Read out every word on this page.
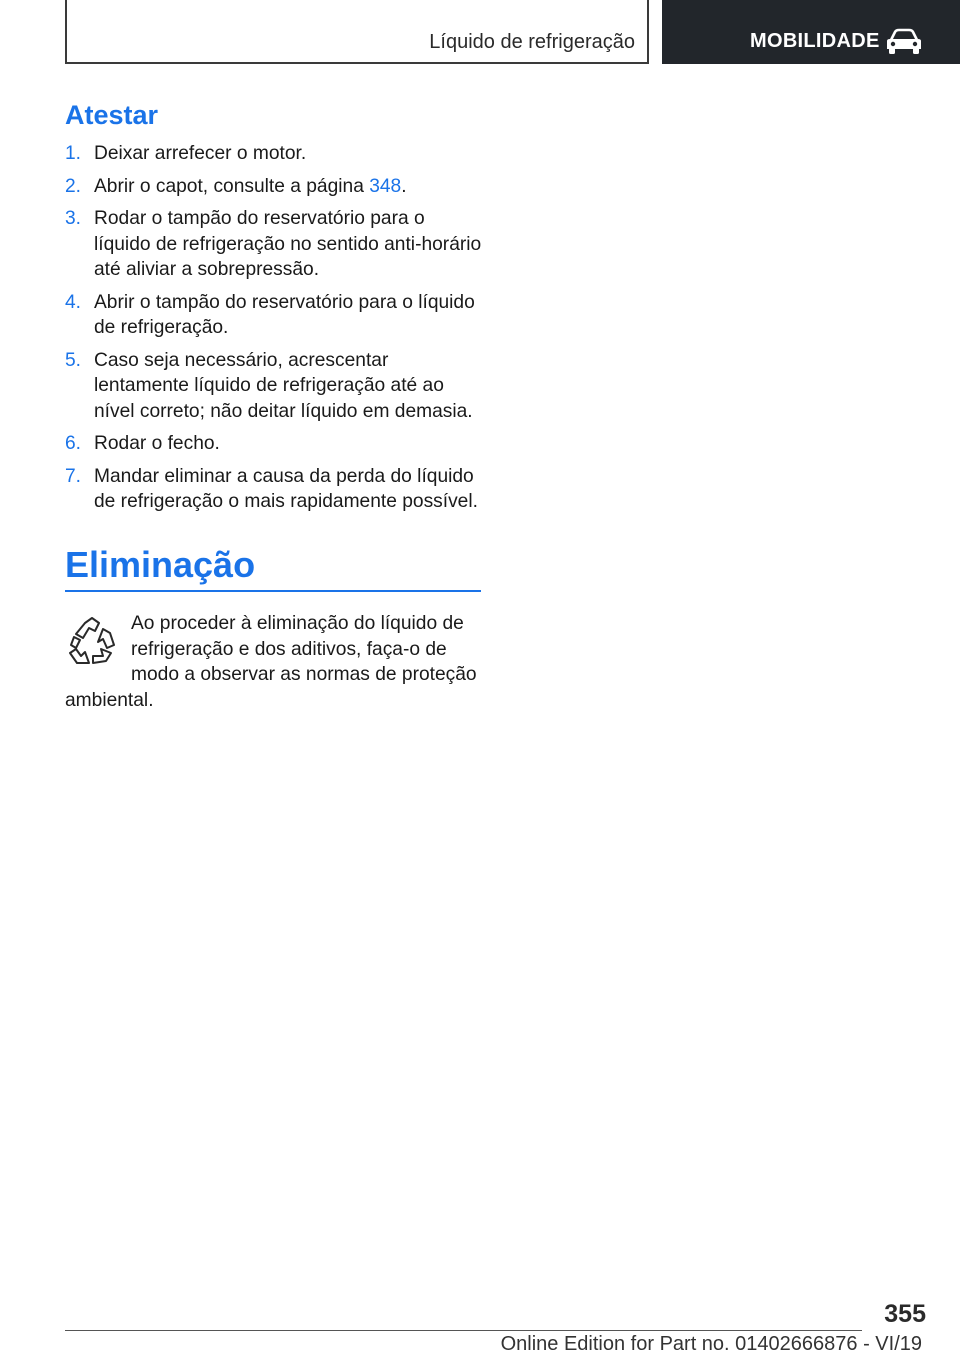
Líquido de refrigeração	MOBILIDADE
Atestar
1. Deixar arrefecer o motor.
2. Abrir o capot, consulte a página 348.
3. Rodar o tampão do reservatório para o líquido de refrigeração no sentido anti-horário até aliviar a sobrepressão.
4. Abrir o tampão do reservatório para o líquido de refrigeração.
5. Caso seja necessário, acrescentar lentamente líquido de refrigeração até ao nível correto; não deitar líquido em demasia.
6. Rodar o fecho.
7. Mandar eliminar a causa da perda do líquido de refrigeração o mais rapidamente possível.
Eliminação

Ao proceder à eliminação do líquido de refrigeração e dos aditivos, faça-o de modo a observar as normas de proteção ambiental.

355
Online Edition for Part no. 01402666876 - VI/19
